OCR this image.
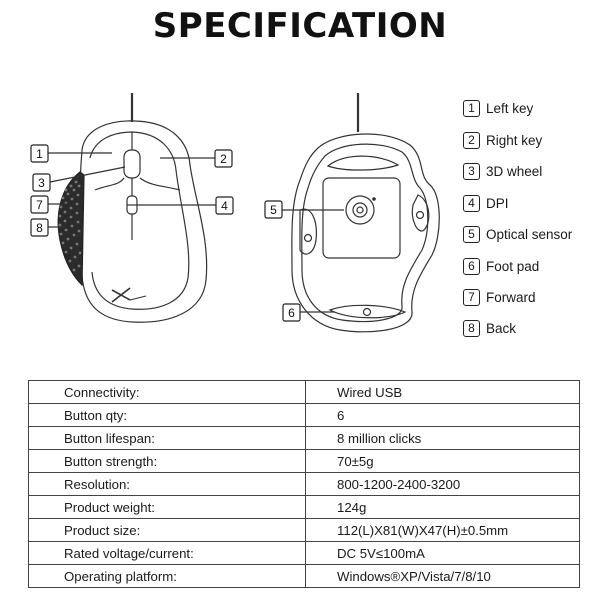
SPECIFICATION
1	2
3
4
7
8
5
6
1 Left key
2 Right key
3 3D wheel
4 DPI
5 Optical sensor
6 Foot pad
7 Forward
8 Back
Connectivity:	Wired USB
Button qty:	6
Button lifespan:	8 million clicks
Button strength:	70±5g
Resolution:	800-1200-2400-3200
Product weight:	124g
Product size:	112(L)X81(W)X47(H)±0.5mm
Rated voltage/current:	DC 5V≤100mA
Operating platform:	Windows®XP/Vista/7/8/10
